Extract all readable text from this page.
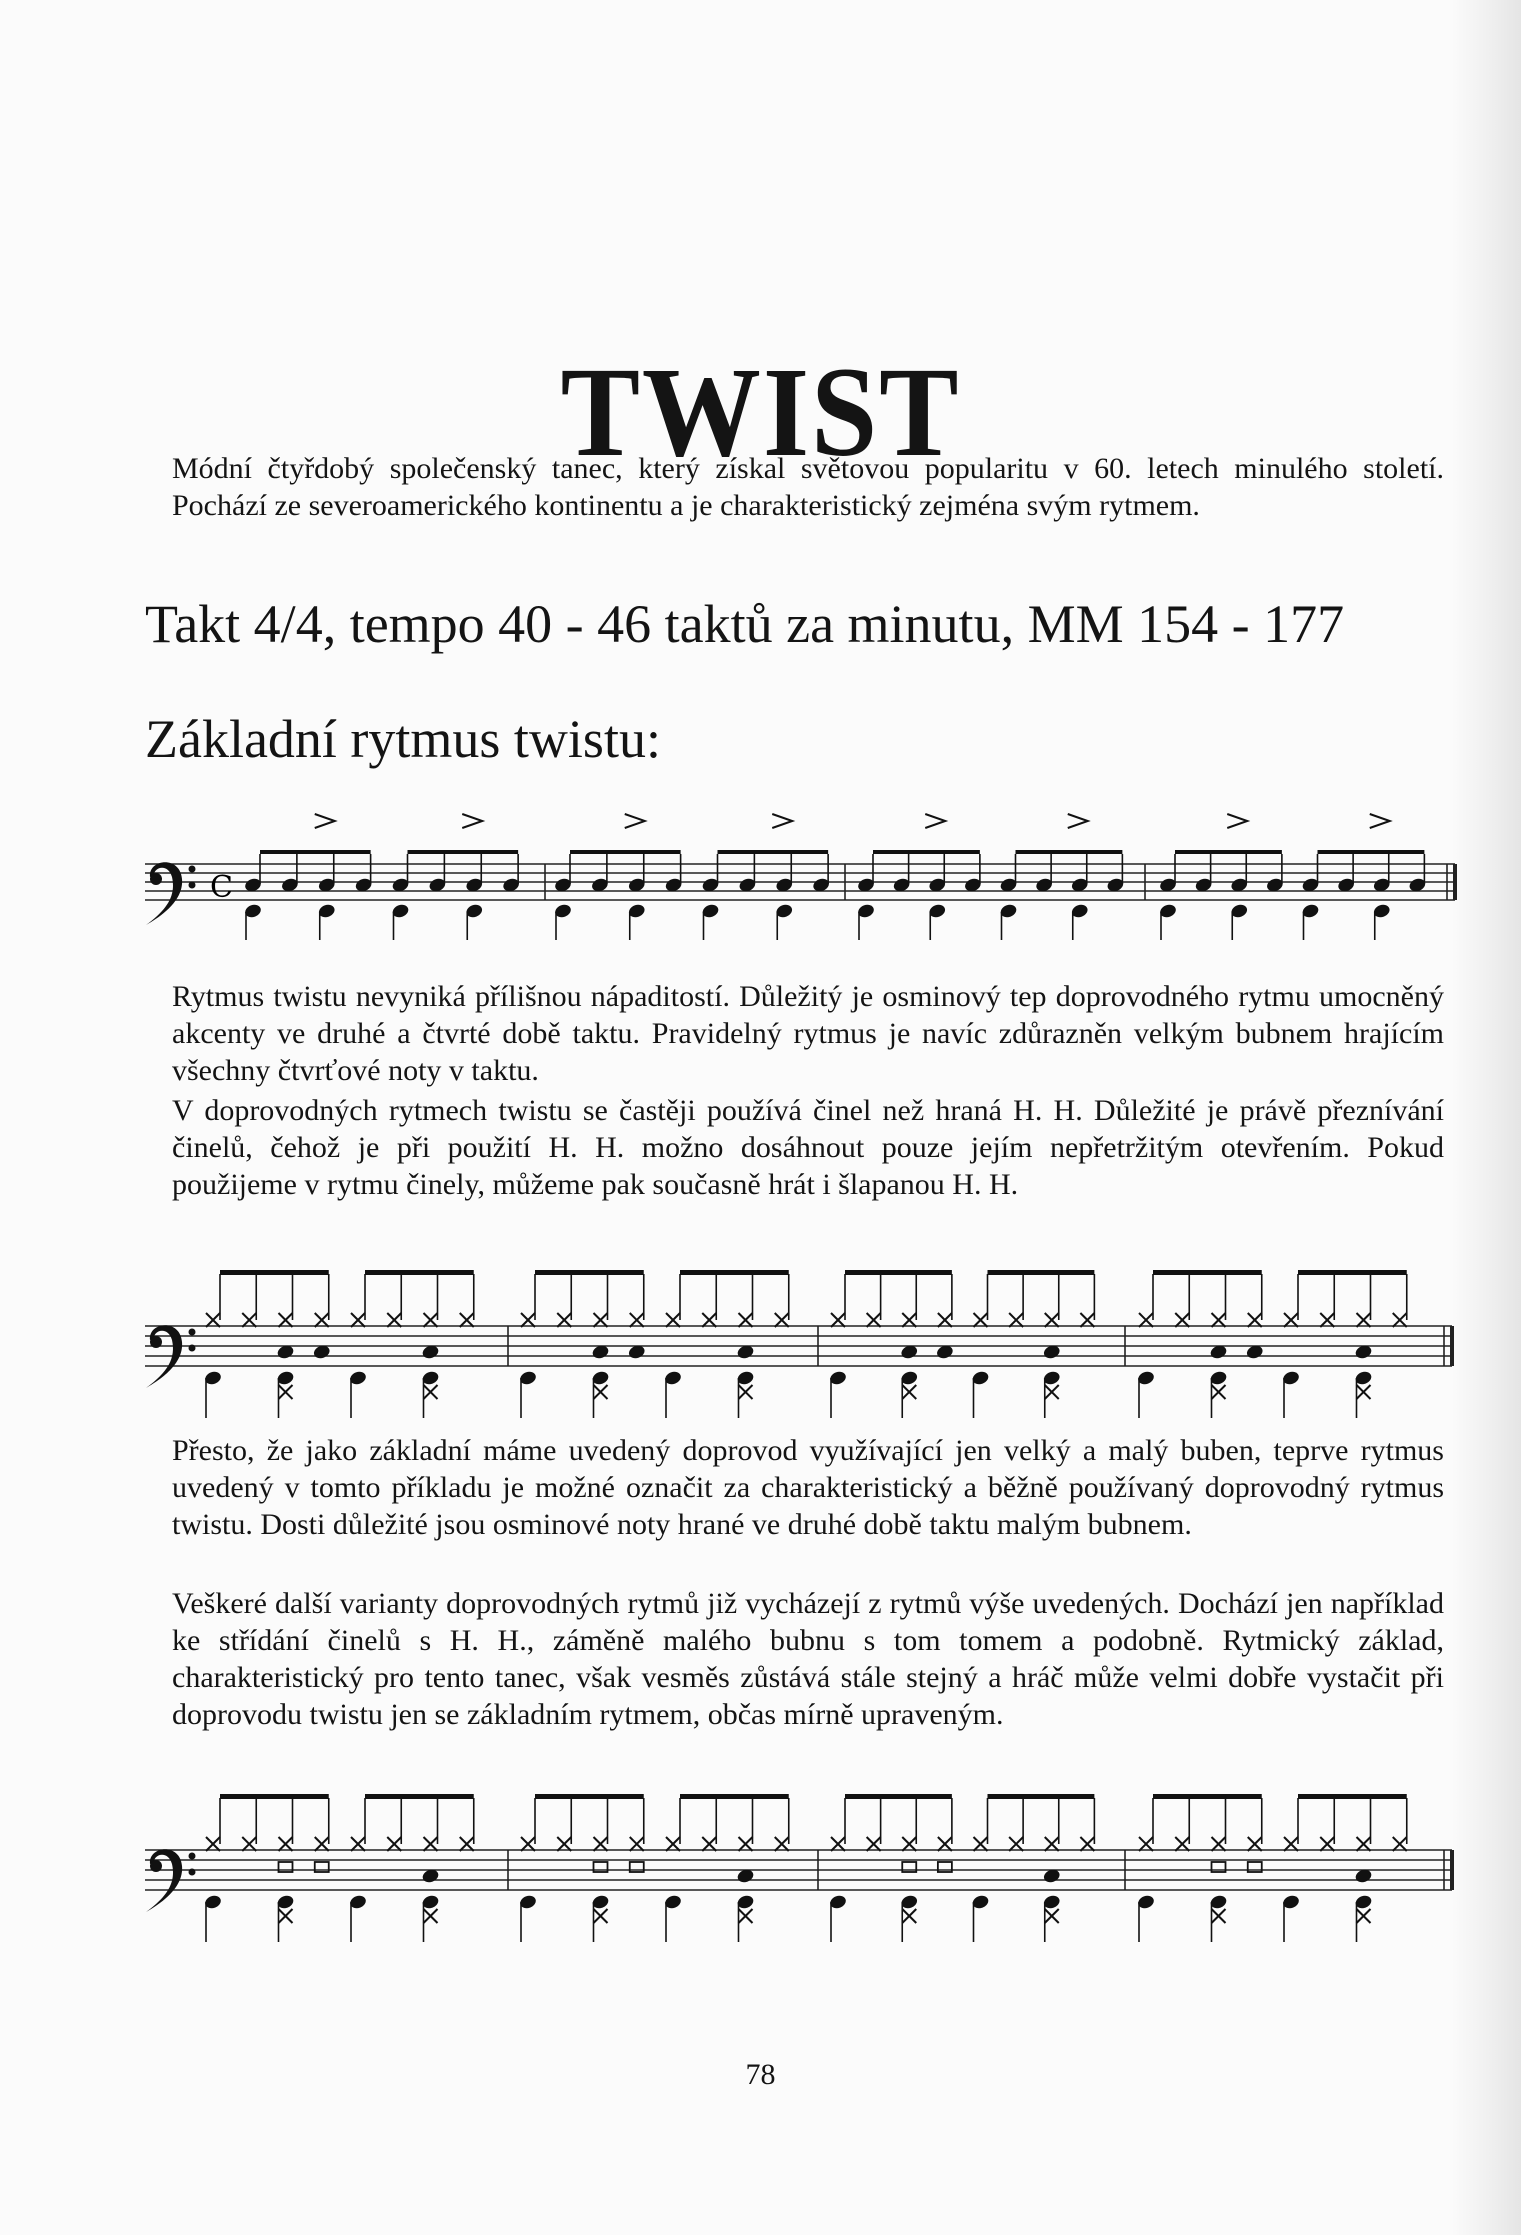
TWIST

Módní čtyřdobý společenský tanec, který získal světovou popularitu v 60. letech minulého století. Pochází ze severoamerického kontinentu a je charakteristický zejména svým rytmem.

Takt 4/4, tempo 40 - 46 taktů za minutu, MM 154 - 177

Základní rytmus twistu:

C

Rytmus twistu nevyniká přílišnou nápaditostí. Důležitý je osminový tep doprovodného rytmu umocněný akcenty ve druhé a čtvrté době taktu. Pravidelný rytmus je navíc zdůrazněn velkým bubnem hrajícím všechny čtvrťové noty v taktu.

V doprovodných rytmech twistu se častěji používá činel než hraná H. H. Důležité je právě přeznívání činelů, čehož je při použití H. H. možno dosáhnout pouze jejím nepřetržitým otevřením. Pokud použijeme v rytmu činely, můžeme pak současně hrát i šlapanou H. H.

Přesto, že jako základní máme uvedený doprovod využívající jen velký a malý buben, teprve rytmus uvedený v tomto příkladu je možné označit za charakteristický a běžně používaný doprovodný rytmus twistu. Dosti důležité jsou osminové noty hrané ve druhé době taktu malým bubnem.

Veškeré další varianty doprovodných rytmů již vycházejí z rytmů výše uvedených. Dochází jen například ke střídání činelů s H. H., záměně malého bubnu s tom tomem a podobně. Rytmický základ, charakteristický pro tento tanec, však vesměs zůstává stále stejný a hráč může velmi dobře vystačit při doprovodu twistu jen se základním rytmem, občas mírně upraveným.

78
